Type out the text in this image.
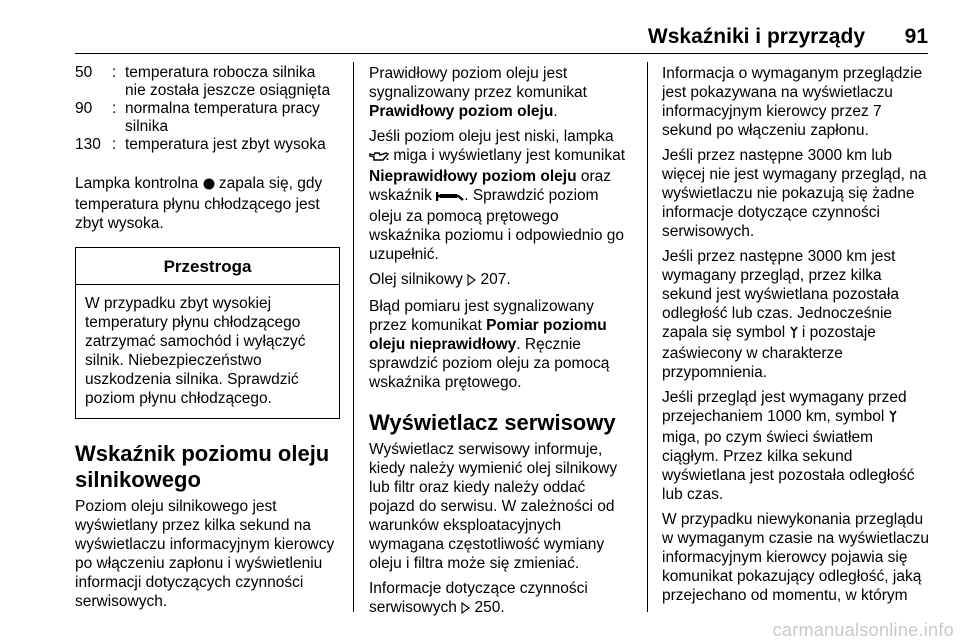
Wskaźniki i przyrządy 91
50	:	temperatura robocza silnika nie została jeszcze osiągnięta
90	:	normalna temperatura pracy silnika
130	:	temperatura jest zbyt wysoka

Lampka kontrolna zapala się, gdy temperatura płynu chłodzącego jest zbyt wysoka.

Przestroga
W przypadku zbyt wysokiej temperatury płynu chłodzącego zatrzymać samochód i wyłączyć silnik. Niebezpieczeństwo uszkodzenia silnika. Sprawdzić poziom płynu chłodzącego.
Wskaźnik poziomu oleju silnikowego

Poziom oleju silnikowego jest wyświetlany przez kilka sekund na wyświetlaczu informacyjnym kierowcy po włączeniu zapłonu i wyświetleniu informacji dotyczących czynności serwisowych.

Prawidłowy poziom oleju jest sygnalizowany przez komunikat Prawidłowy poziom oleju.

Jeśli poziom oleju jest niski, lampka  miga i wyświetlany jest komunikat Nieprawidłowy poziom oleju oraz wskaźnik . Sprawdzić poziom oleju za pomocą prętowego wskaźnika poziomu i odpowiednio go uzupełnić.

Olej silnikowy 207.

Błąd pomiaru jest sygnalizowany przez komunikat Pomiar poziomu oleju nieprawidłowy. Ręcznie sprawdzić poziom oleju za pomocą wskaźnika prętowego.

Wyświetlacz serwisowy

Wyświetlacz serwisowy informuje, kiedy należy wymienić olej silnikowy lub filtr oraz kiedy należy oddać pojazd do serwisu. W zależności od warunków eksploatacyjnych wymagana częstotliwość wymiany oleju i filtra może się zmieniać.

Informacje dotyczące czynności serwisowych 250.

Informacja o wymaganym przeglądzie jest pokazywana na wyświetlaczu informacyjnym kierowcy przez 7 sekund po włączeniu zapłonu.

Jeśli przez następne 3000 km lub więcej nie jest wymagany przegląd, na wyświetlaczu nie pokazują się żadne informacje dotyczące czynności serwisowych.

Jeśli przez następne 3000 km jest wymagany przegląd, przez kilka sekund jest wyświetlana pozostała odległość lub czas. Jednocześnie zapala się symbol i pozostaje zaświecony w charakterze przypomnienia.

Jeśli przegląd jest wymagany przed przejechaniem 1000 km, symbol  miga, po czym świeci światłem ciągłym. Przez kilka sekund wyświetlana jest pozostała odległość lub czas.

W przypadku niewykonania przeglądu w wymaganym czasie na wyświetlaczu informacyjnym kierowcy pojawia się komunikat pokazujący odległość, jaką przejechano od momentu, w którym

carmanualsonline.info
